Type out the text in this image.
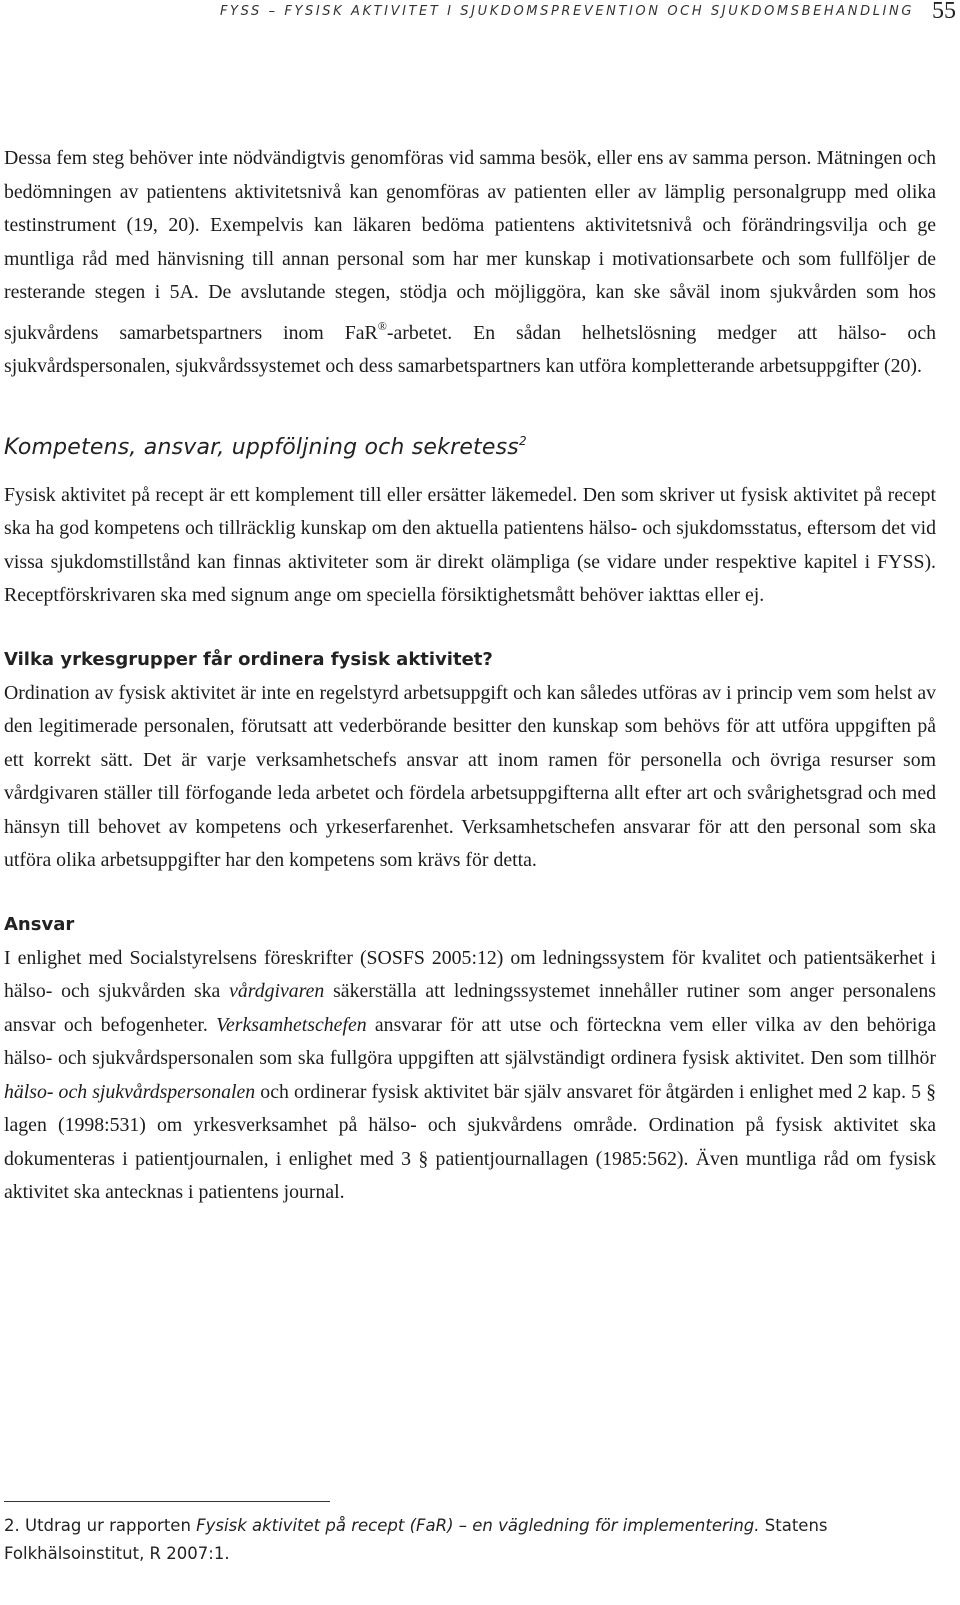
FYSS – FYSISK AKTIVITET I SJUKDOMSPREVENTION OCH SJUKDOMSBEHANDLING 55

Dessa fem steg behöver inte nödvändigtvis genomföras vid samma besök, eller ens av samma person. Mätningen och bedömningen av patientens aktivitetsnivå kan genomföras av patienten eller av lämplig personalgrupp med olika testinstrument (19, 20). Exempelvis kan läkaren bedöma patientens aktivitetsnivå och förändringsvilja och ge muntliga råd med hänvisning till annan personal som har mer kunskap i motivationsarbete och som fullföljer de resterande stegen i 5A. De avslutande stegen, stödja och möjliggöra, kan ske såväl inom sjukvården som hos sjukvårdens samarbetspartners inom FaR®-arbetet. En sådan helhetslösning medger att hälso- och sjukvårdspersonalen, sjukvårdssystemet och dess samarbetspartners kan utföra kompletterande arbetsuppgifter (20).

Kompetens, ansvar, uppföljning och sekretess$^2$

Fysisk aktivitet på recept är ett komplement till eller ersätter läkemedel. Den som skriver ut fysisk aktivitet på recept ska ha god kompetens och tillräcklig kunskap om den aktuella patientens hälso- och sjukdomsstatus, eftersom det vid vissa sjukdomstillstånd kan finnas aktiviteter som är direkt olämpliga (se vidare under respektive kapitel i FYSS). Receptförskrivaren ska med signum ange om speciella försiktighetsmått behöver iakttas eller ej.

Vilka yrkesgrupper får ordinera fysisk aktivitet?

Ordination av fysisk aktivitet är inte en regelstyrd arbetsuppgift och kan således utföras av i princip vem som helst av den legitimerade personalen, förutsatt att vederbörande besitter den kunskap som behövs för att utföra uppgiften på ett korrekt sätt. Det är varje verksamhetschefs ansvar att inom ramen för personella och övriga resurser som vårdgivaren ställer till förfogande leda arbetet och fördela arbetsuppgifterna allt efter art och svårighetsgrad och med hänsyn till behovet av kompetens och yrkeserfarenhet. Verksamhetschefen ansvarar för att den personal som ska utföra olika arbetsuppgifter har den kompetens som krävs för detta.

Ansvar

I enlighet med Socialstyrelsens föreskrifter (SOSFS 2005:12) om ledningssystem för kvalitet och patientsäkerhet i hälso- och sjukvården ska vårdgivaren säkerställa att ledningssystemet innehåller rutiner som anger personalens ansvar och befogenheter. Verksamhetschefen ansvarar för att utse och förteckna vem eller vilka av den behöriga hälso- och sjukvårdspersonalen som ska fullgöra uppgiften att självständigt ordinera fysisk aktivitet. Den som tillhör hälso- och sjukvårdspersonalen och ordinerar fysisk aktivitet bär själv ansvaret för åtgärden i enlighet med 2 kap. 5 § lagen (1998:531) om yrkesverksamhet på hälso- och sjukvårdens område. Ordination på fysisk aktivitet ska dokumenteras i patientjournalen, i enlighet med 3 § patientjournallagen (1985:562). Även muntliga råd om fysisk aktivitet ska antecknas i patientens journal.

2. Utdrag ur rapporten Fysisk aktivitet på recept (FaR) – en vägledning för implementering. Statens Folkhälsoinstitut, R 2007:1.
